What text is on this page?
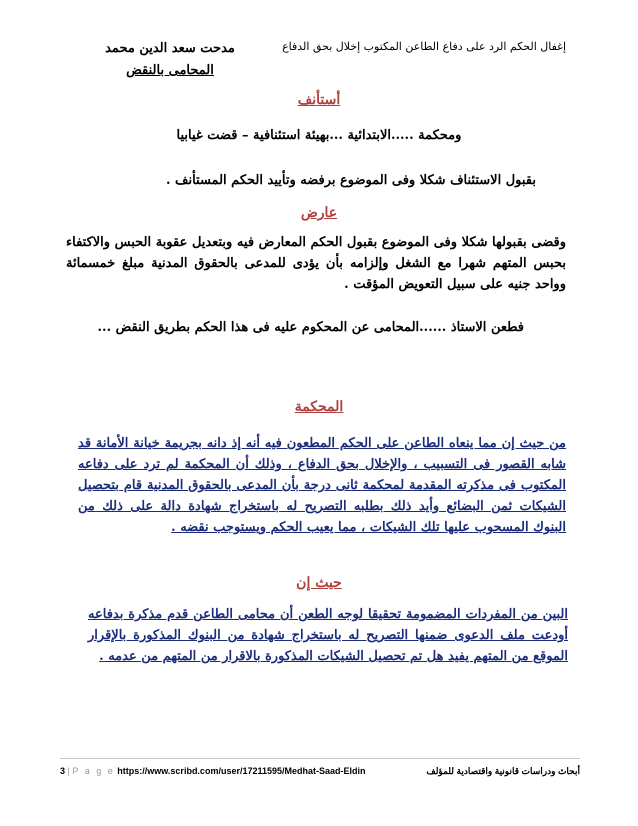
مدحت سعد الدين محمد
المحامى بالنقض
إغفال الحكم الرد على دفاع الطاعن المكتوب إخلال بحق الدفاع
أستأنف
ومحكمة .....الابتدائية ...بهيئة استئنافية – قضت غيابيا
بقبول الاستئناف شكلا وفى الموضوع برفضه وتأييد الحكم المستأنف .
عارض
وقضى بقبولها شكلا وفى الموضوع بقبول الحكم المعارض فيه وبتعديل عقوبة الحبس والاكتفاء بحبس المتهم شهرا مع الشغل وإلزامه بأن يؤدى للمدعى بالحقوق المدنية مبلغ خمسمائة وواحد جنيه على سبيل التعويض المؤقت .
فطعن الاستاذ ......المحامى عن المحكوم عليه فى هذا الحكم بطريق النقض ...
المحكمة
من حيث إن مما ينعاه الطاعن على الحكم المطعون فيه أنه إذ دانه بجريمة خيانة الأمانة قد شابه القصور فى التسبيب ، والإخلال بحق الدفاع ، وذلك أن المحكمة لم ترد على دفاعه المكتوب فى مذكرته المقدمة لمحكمة ثانى درجة بأن المدعى بالحقوق المدنية قام بتحصيل الشيكات ثمن البضائع وأيد ذلك بطلبه التصريح له باستخراج شهادة دالة على ذلك من البنوك المسحوب عليها تلك الشيكات ، مما يعيب الحكم ويستوجب نقضه .
حيث إن
البين من المفردات المضمومة تحقيقا لوجه الطعن أن محامى الطاعن قدم مذكرة بدفاعه أودعت ملف الدعوى ضمنها التصريح له باستخراج شهادة من البنوك المذكورة بالإقرار الموقع من المتهم يفيد هل تم تحصيل الشيكات المذكورة بالاقرار من المتهم من عدمه .
3 | P a g e https://www.scribd.com/user/17211595/Medhat-Saad-Eldin	أبحاث ودراسات قانونية واقتصادية للمؤلف
